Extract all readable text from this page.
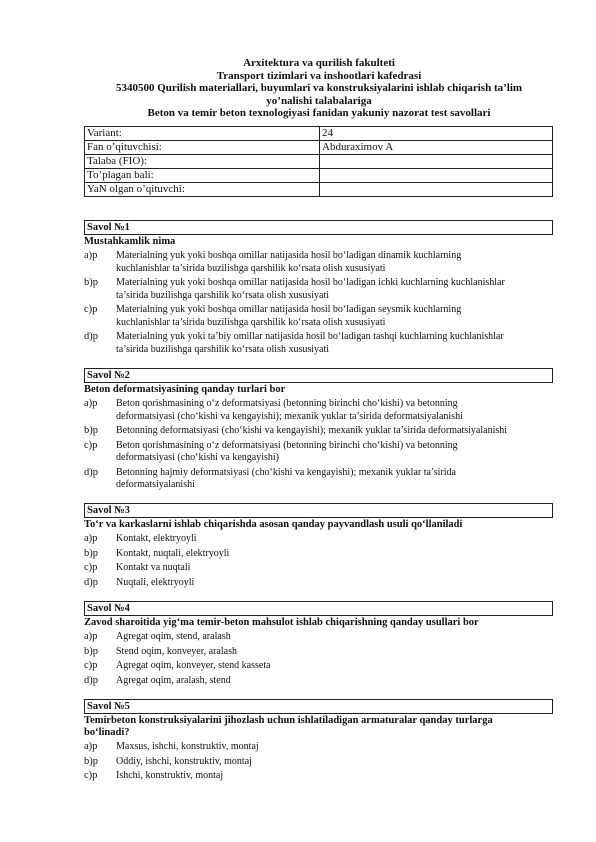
Arxitektura va qurilish fakulteti
Transport tizimlari va inshootlari kafedrasi
5340500 Qurilish materiallari, buyumlari va konstruksiyalarini ishlab chiqarish ta’lim
yo’nalishi talabalariga
Beton va temir beton texnologiyasi fanidan yakuniy nazorat test savollari
Variant:	24
Fan o’qituvchisi:	Abduraximov A
Talaba (FIO):	
To’plagan bali:	
YaN olgan o’qituvchi:	
Savol №1
Mustahkamlik nima
a)p Materialning yuk yoki boshqa omillar natijasida hosil bo‘ladigan dinamik kuchlarning
kuchlanishlar ta’sirida buzilishga qarshilik ko‘rsata olish xususiyati
b)p Materialning yuk yoki boshqa omillar natijasida hosil bo‘ladigan ichki kuchlarning kuchlanishlar
ta’sirida buzilishga qarshilik ko‘rsata olish xususiyati
c)p Materialning yuk yoki boshqa omillar natijasida hosil bo‘ladigan seysmik kuchlarning
kuchlanishlar ta’sirida buzilishga qarshilik ko‘rsata olish xususiyati
d)p Materialning yuk yoki ta’biy omillar natijasida hosil bo‘ladigan tashqi kuchlarning kuchlanishlar
ta’sirida buzilishga qarshilik ko‘rsata olish xususiyati
Savol №2
Beton deformatsiyasining qanday turlari bor
a)p Beton qorishmasining o‘z deformatsiyasi (betonning birinchi cho‘kishi) va betonning
deformatsiyasi (cho‘kishi va kengayishi); mexanik yuklar ta’sirida deformatsiyalanishi
b)p Betonning deformatsiyasi (cho‘kishi va kengayishi); mexanik yuklar ta’sirida deformatsiyalanishi
c)p Beton qorishmasining o‘z deformatsiyasi (betonning birinchi cho‘kishi) va betonning
deformatsiyasi (cho‘kishi va kengayishi)
d)p Betonning hajmiy deformatsiyasi (cho‘kishi va kengayishi); mexanik yuklar ta’sirida
deformatsiyalanishi
Savol №3
To‘r va karkaslarni ishlab chiqarishda asosan qanday payvandlash usuli qo‘llaniladi
a)p Kontakt, elektryoyli
b)p Kontakt, nuqtali, elektryoyli
c)p Kontakt va nuqtali
d)p Nuqtali, elektryoyli
Savol №4
Zavod sharoitida yig‘ma temir-beton mahsulot ishlab chiqarishning qanday usullari bor
a)p Agregat oqim, stend, aralash
b)p Stend oqim, konveyer, aralash
c)p Agregat oqim, konveyer, stend kasseta
d)p Agregat oqim, aralash, stend
Savol №5
Temirbeton konstruksiyalarini jihozlash uchun ishlatiladigan armaturalar qanday turlarga bo‘linadi?
a)p Maxsus, ishchi, konstruktiv, montaj
b)p Oddiy, ishchi, konstruktiv, montaj
c)p Ishchi, konstruktiv, montaj
